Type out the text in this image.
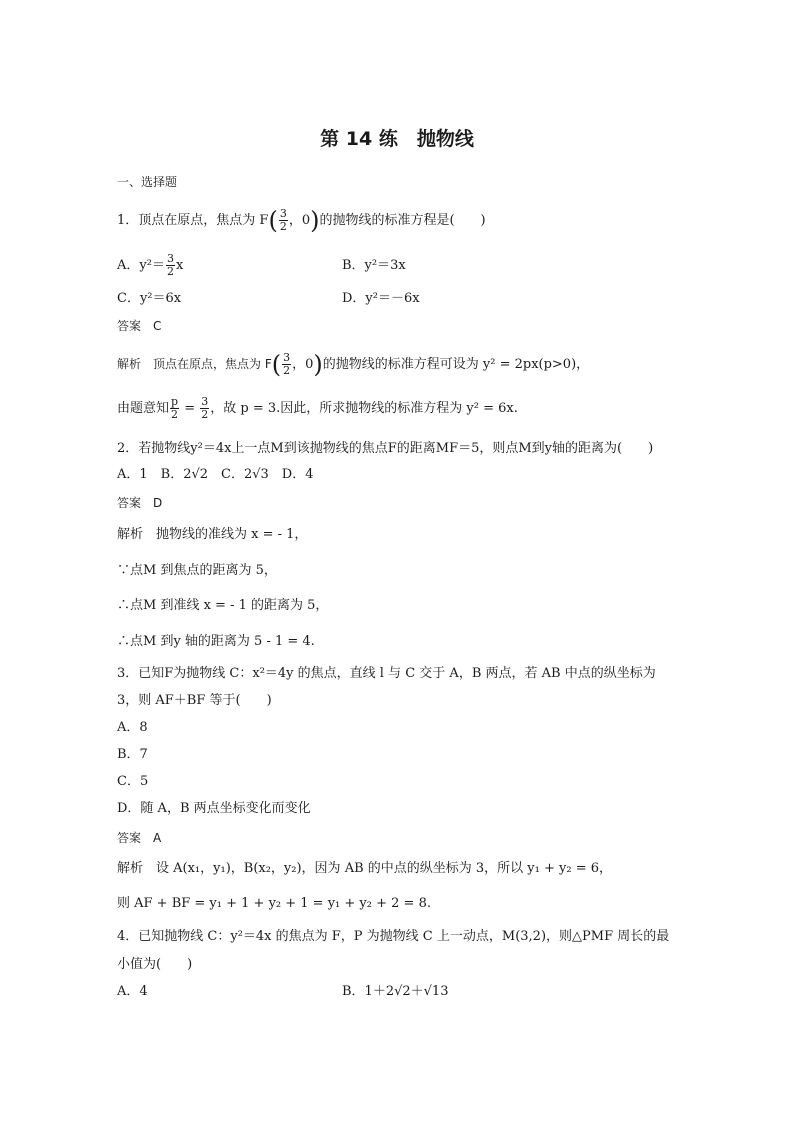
第 14 练　抛物线
一、选择题
1．顶点在原点，焦点为 $F( \frac{3}{2}$ ，0)的抛物线的标准方程是(　　)
A．$y^2= \frac{3}{2}$ x	B．y²＝3x
C．y²＝6x	D．y²＝－6x
答案　C
解析　顶点在原点，焦点为 $F( \frac{3}{2}$ ，0)的抛物线的标准方程可设为 y² = 2px(p>0)，
由题意知 $\frac{p}{2} = \frac{3}{2}$ ，故 p = 3.因此，所求抛物线的标准方程为 y² = 6x.
2．若抛物线y²＝4x上一点M到该抛物线的焦点F的距离MF＝5，则点M到y轴的距离为(　　)
A．1　B．2√2　C．2√3　D．4
答案　D
解析　抛物线的准线为 x = - 1，
∵点M 到焦点的距离为 5，
∴点M 到准线 x = - 1 的距离为 5，
∴点M 到y 轴的距离为 5 - 1 = 4.
3．已知F为抛物线 C：x²＝4y 的焦点，直线 l 与 C 交于 A，B 两点，若 AB 中点的纵坐标为
3，则 AF＋BF 等于(　　)
A．8
B．7
C．5
D．随 A，B 两点坐标变化而变化
答案　A
解析　设 A(x₁，y₁)，B(x₂，y₂)，因为 AB 的中点的纵坐标为 3，所以 y₁ + y₂ = 6，
则 AF + BF = y₁ + 1 + y₂ + 1 = y₁ + y₂ + 2 = 8.
4．已知抛物线 C：y²＝4x 的焦点为 F，P 为抛物线 C 上一动点，M(3,2)，则△PMF 周长的最
小值为(　　)
A．4	B．1＋2√2＋√13
